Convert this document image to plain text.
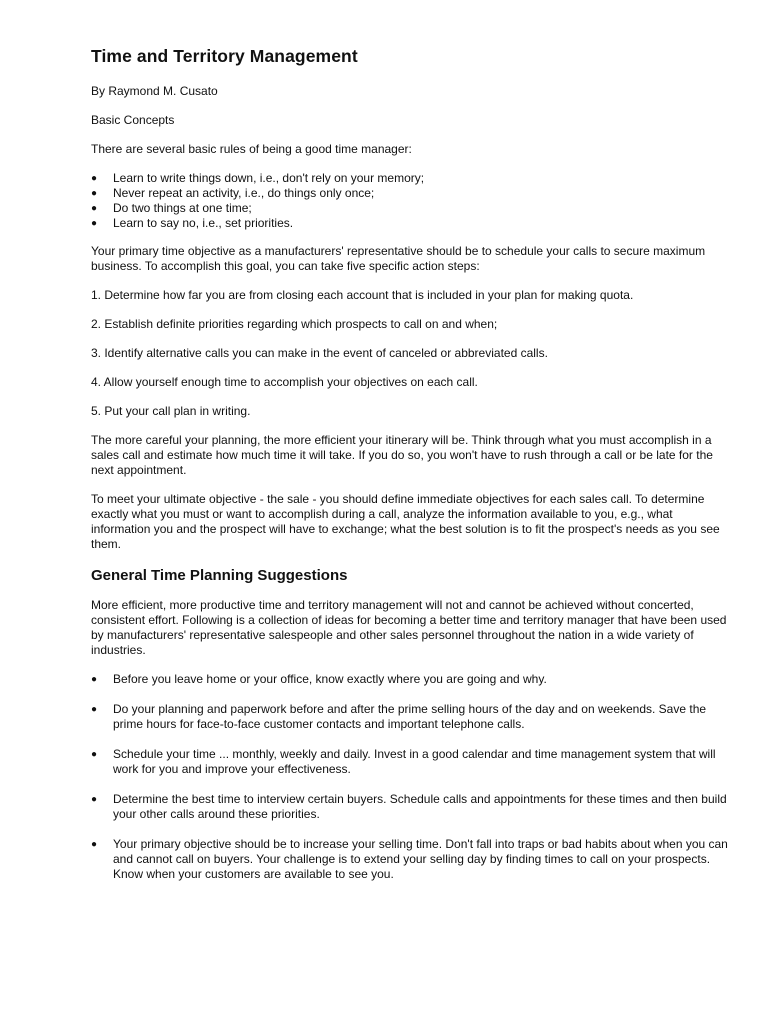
Time and Territory Management

By Raymond M. Cusato

Basic Concepts

There are several basic rules of being a good time manager:

●	Learn to write things down, i.e., don't rely on your memory;
●	Never repeat an activity, i.e., do things only once;
●	Do two things at one time;
●	Learn to say no, i.e., set priorities.

Your primary time objective as a manufacturers' representative should be to schedule your calls to secure maximum business. To accomplish this goal, you can take five specific action steps:

1. Determine how far you are from closing each account that is included in your plan for making quota.

2. Establish definite priorities regarding which prospects to call on and when;

3. Identify alternative calls you can make in the event of canceled or abbreviated calls.

4. Allow yourself enough time to accomplish your objectives on each call.

5. Put your call plan in writing.

The more careful your planning, the more efficient your itinerary will be. Think through what you must accomplish in a sales call and estimate how much time it will take. If you do so, you won't have to rush through a call or be late for the next appointment.

To meet your ultimate objective - the sale - you should define immediate objectives for each sales call. To determine exactly what you must or want to accomplish during a call, analyze the information available to you, e.g., what information you and the prospect will have to exchange; what the best solution is to fit the prospect's needs as you see them.

General Time Planning Suggestions

More efficient, more productive time and territory management will not and cannot be achieved without concerted, consistent effort. Following is a collection of ideas for becoming a better time and territory manager that have been used by manufacturers' representative salespeople and other sales personnel throughout the nation in a wide variety of industries.

●	Before you leave home or your office, know exactly where you are going and why.
●	Do your planning and paperwork before and after the prime selling hours of the day and on weekends. Save the prime hours for face-to-face customer contacts and important telephone calls.
●	Schedule your time ... monthly, weekly and daily. Invest in a good calendar and time management system that will work for you and improve your effectiveness.
●	Determine the best time to interview certain buyers. Schedule calls and appointments for these times and then build your other calls around these priorities.
●	Your primary objective should be to increase your selling time. Don't fall into traps or bad habits about when you can and cannot call on buyers. Your challenge is to extend your selling day by finding times to call on your prospects. Know when your customers are available to see you.
